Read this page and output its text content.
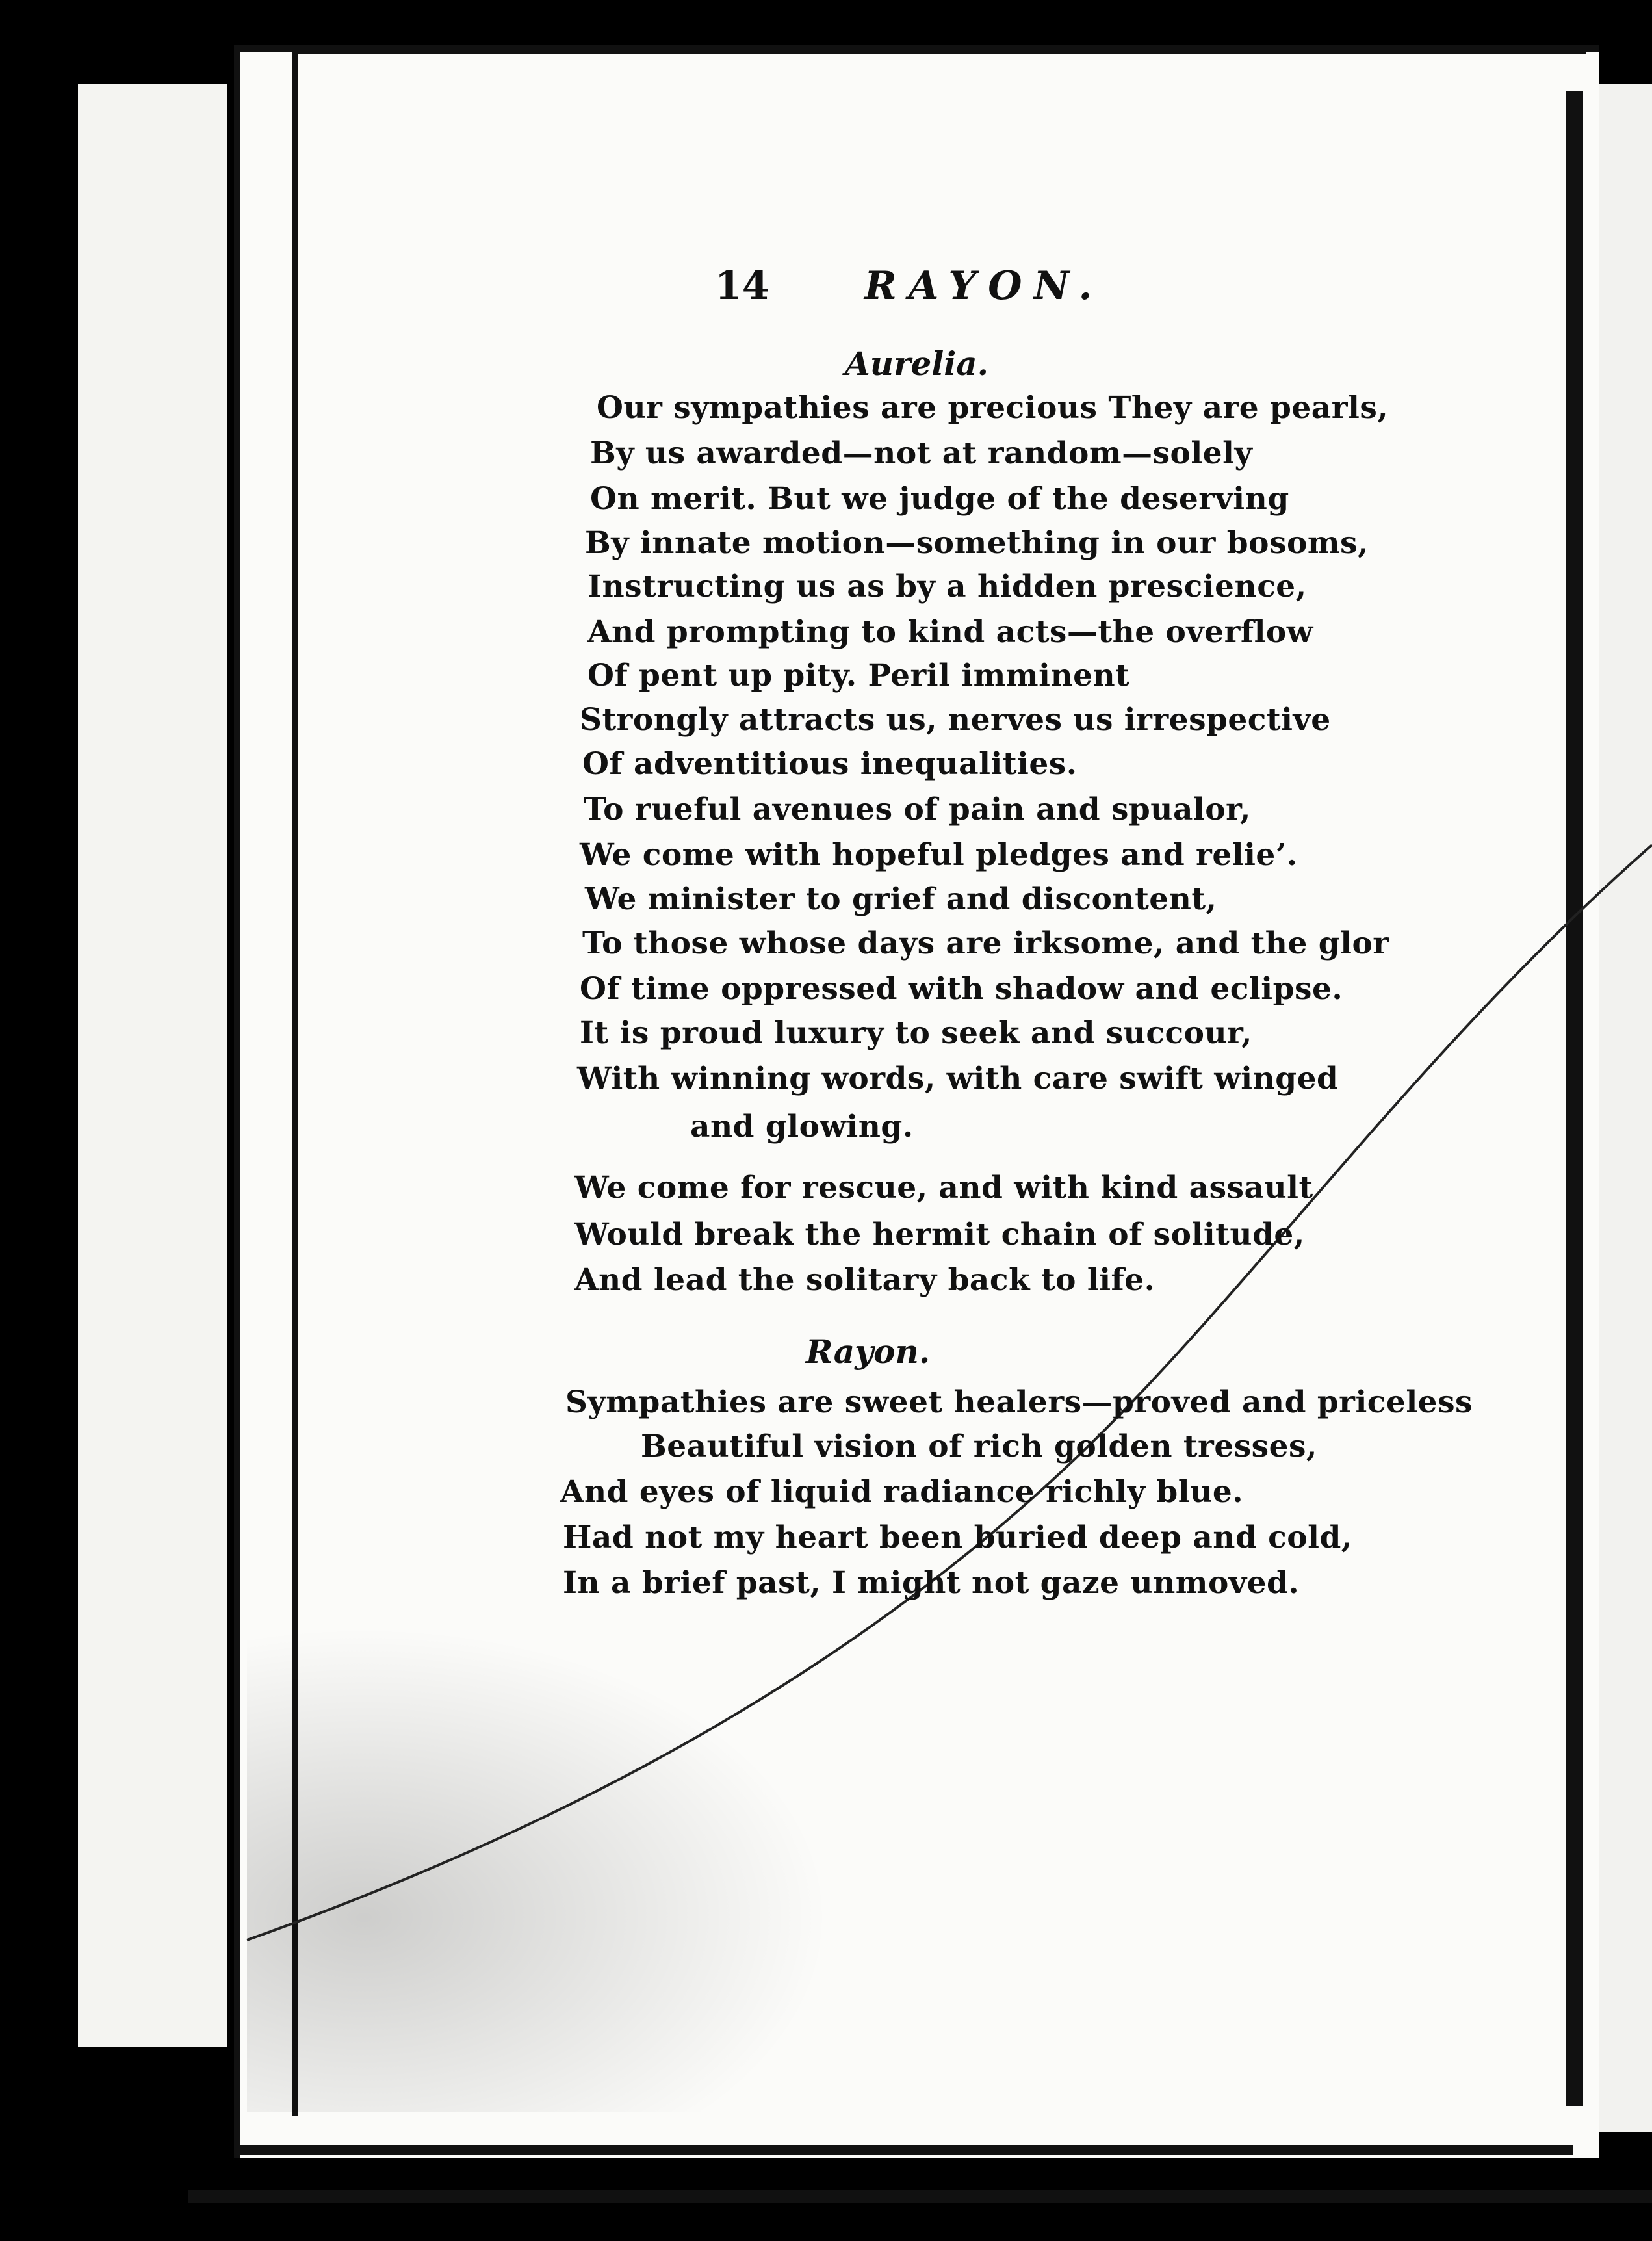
14 RAYON.
Aurelia.
Our sympathies are precious They are pearls,
By us awarded—not at random—solely
On merit. But we judge of the deserving
By innate motion—something in our bosoms,
Instructing us as by a hidden prescience,
And prompting to kind acts—the overflow
Of pent up pity. Peril imminent
Strongly attracts us, nerves us irrespective
Of adventitious inequalities.
To rueful avenues of pain and spualor,
We come with hopeful pledges and relie’.
We minister to grief and discontent,
To those whose days are irksome, and the glor
Of time oppressed with shadow and eclipse.
It is proud luxury to seek and succour,
With winning words, with care swift winged
and glowing.
We come for rescue, and with kind assault
Would break the hermit chain of solitude,
And lead the solitary back to life.
Rayon.
Sympathies are sweet healers—proved and priceless
Beautiful vision of rich golden tresses,
And eyes of liquid radiance richly blue.
Had not my heart been buried deep and cold,
In a brief past, I might not gaze unmoved.
